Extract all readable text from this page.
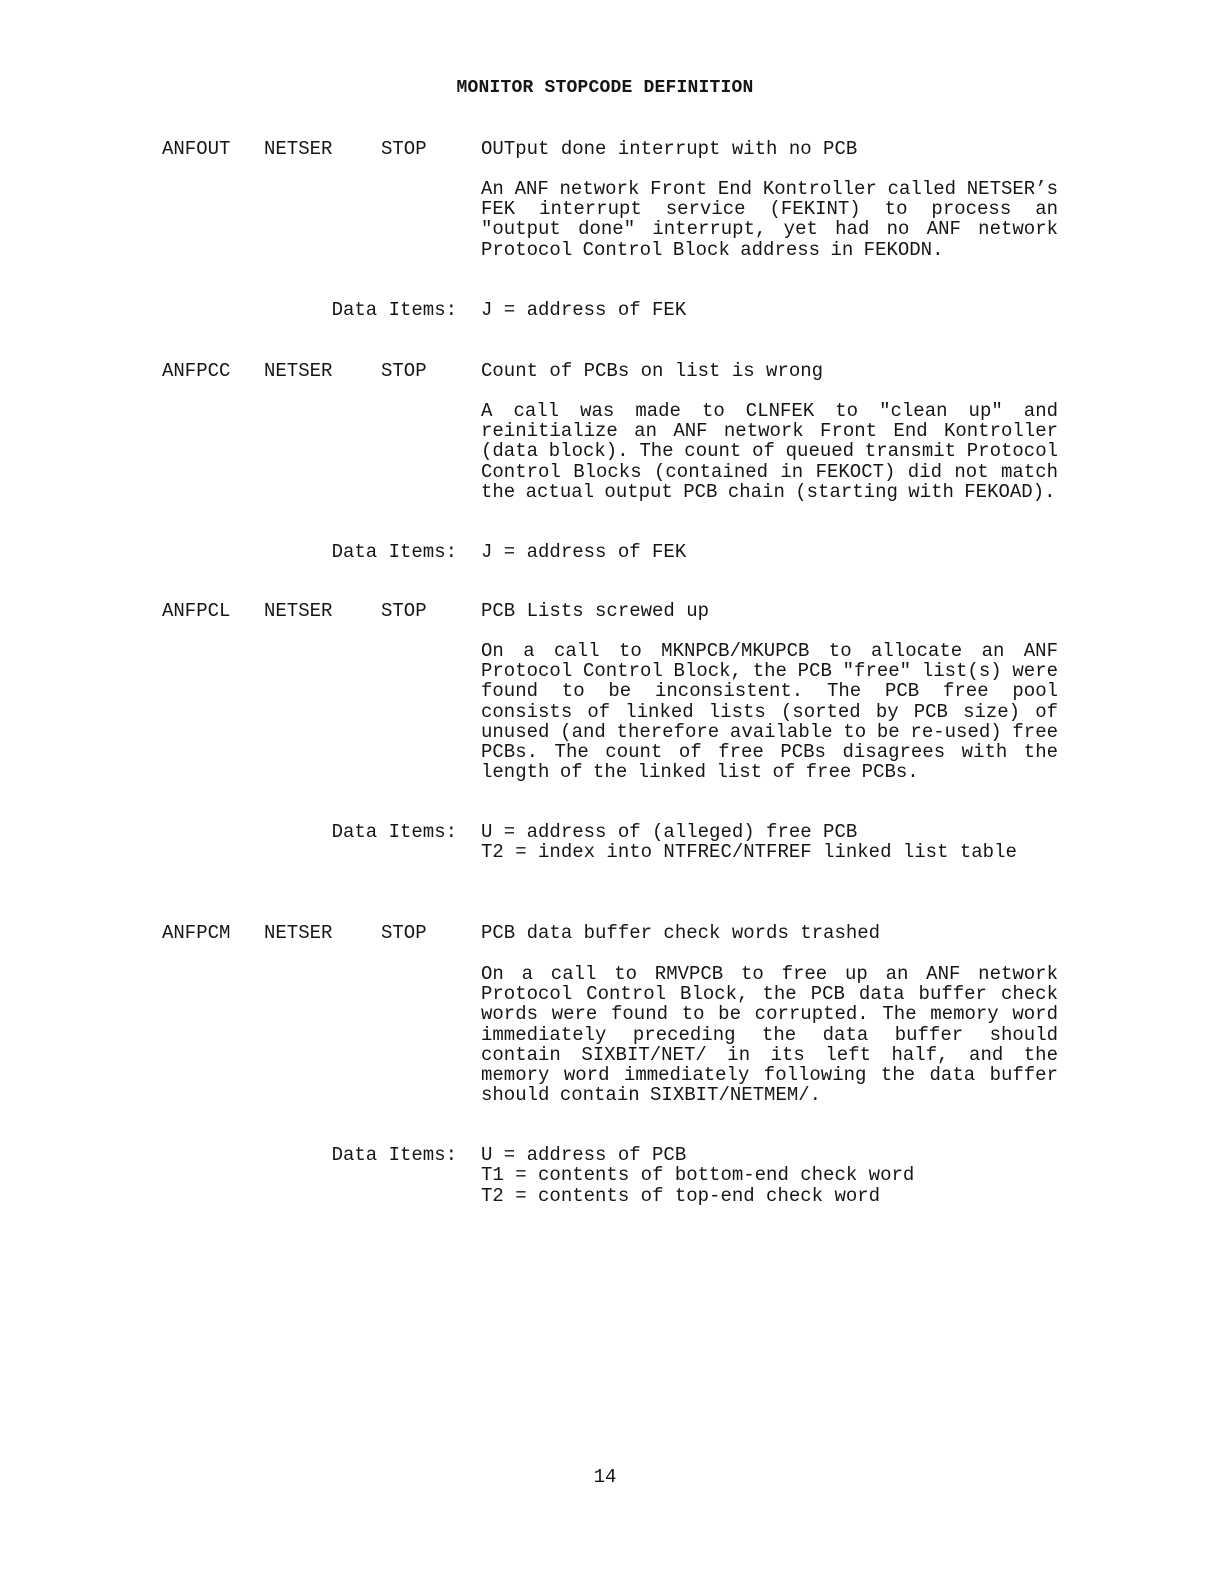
MONITOR STOPCODE DEFINITION
ANFOUT NETSER	STOP	OUTput done interrupt with no PCB
An ANF network Front End Kontroller called NETSER’s FEK interrupt service (FEKINT) to process an "output done" interrupt, yet had no ANF network Protocol Control Block address in FEKODN.
Data Items: J = address of FEK
ANFPCC NETSER	STOP	Count of PCBs on list is wrong
A call was made to CLNFEK to "clean up" and reinitialize an ANF network Front End Kontroller (data block). The count of queued transmit Protocol Control Blocks (contained in FEKOCT) did not match the actual output PCB chain (starting with FEKOAD).
Data Items: J = address of FEK
ANFPCL NETSER	STOP	PCB Lists screwed up
On a call to MKNPCB/MKUPCB to allocate an ANF Protocol Control Block, the PCB "free" list(s) were found to be inconsistent. The PCB free pool consists of linked lists (sorted by PCB size) of unused (and therefore available to be re-used) free PCBs. The count of free PCBs disagrees with the length of the linked list of free PCBs.
Data Items: U = address of (alleged) free PCB
T2 = index into NTFREC/NTFREF linked list table
ANFPCM NETSER	STOP	PCB data buffer check words trashed
On a call to RMVPCB to free up an ANF network Protocol Control Block, the PCB data buffer check words were found to be corrupted. The memory word immediately preceding the data buffer should contain SIXBIT/NET/ in its left half, and the memory word immediately following the data buffer should contain SIXBIT/NETMEM/.
Data Items: U = address of PCB
T1 = contents of bottom-end check word
T2 = contents of top-end check word
14
